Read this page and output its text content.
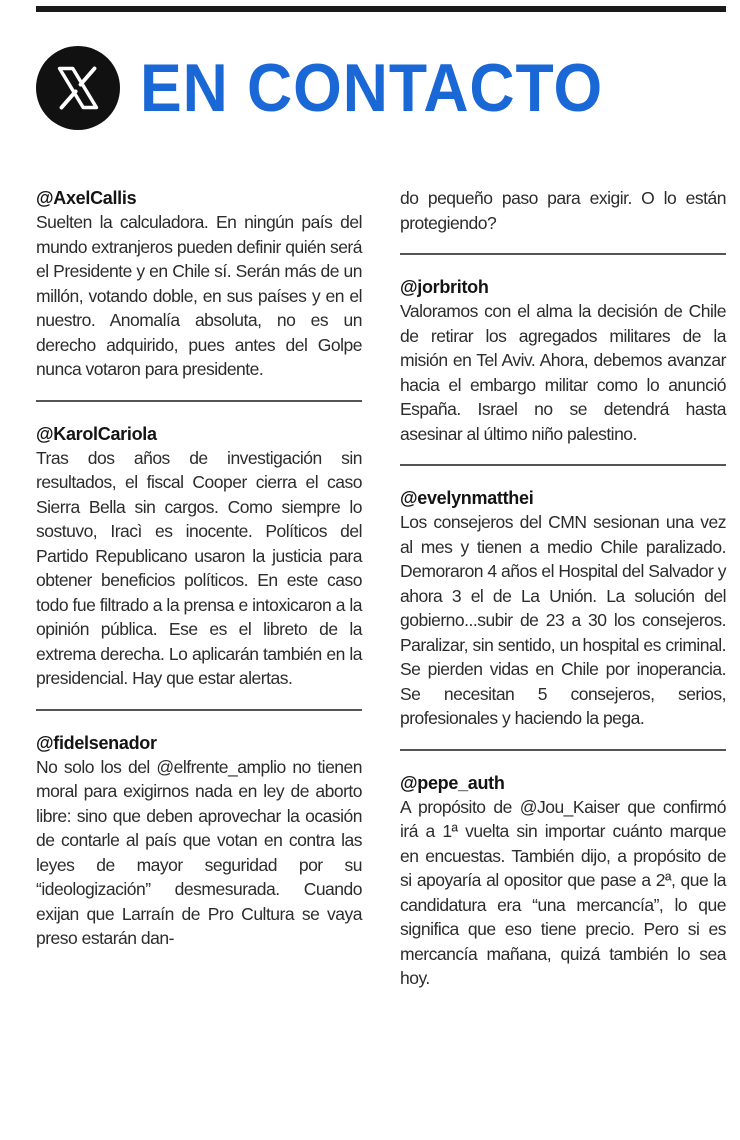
EN CONTACTO
@AxelCallis
Suelten la calculadora. En ningún país del mundo extranjeros pueden definir quién será el Presidente y en Chile sí. Serán más de un millón, votando doble, en sus países y en el nuestro. Anomalía absoluta, no es un derecho adquirido, pues antes del Golpe nunca votaron para presidente.
@KarolCariola
Tras dos años de investigación sin resultados, el fiscal Cooper cierra el caso Sierra Bella sin cargos. Como siempre lo sostuvo, Iracì es inocente. Políticos del Partido Republicano usaron la justicia para obtener beneficios políticos. En este caso todo fue filtrado a la prensa e intoxicaron a la opinión pública. Ese es el libreto de la extrema derecha. Lo aplicarán también en la presidencial. Hay que estar alertas.
@fidelsenador
No solo los del @elfrente_amplio no tienen moral para exigirnos nada en ley de aborto libre: sino que deben aprovechar la ocasión de contarle al país que votan en contra las leyes de mayor seguridad por su “ideologización” desmesurada. Cuando exijan que Larraín de Pro Cultura se vaya preso estarán dan-
do pequeño paso para exigir. O lo están protegiendo?
@jorbritoh
Valoramos con el alma la decisión de Chile de retirar los agregados militares de la misión en Tel Aviv. Ahora, debemos avanzar hacia el embargo militar como lo anunció España. Israel no se detendrá hasta asesinar al último niño palestino.
@evelynmatthei
Los consejeros del CMN sesionan una vez al mes y tienen a medio Chile paralizado. Demoraron 4 años el Hospital del Salvador y ahora 3 el de La Unión. La solución del gobierno...subir de 23 a 30 los consejeros. Paralizar, sin sentido, un hospital es criminal. Se pierden vidas en Chile por inoperancia. Se necesitan 5 consejeros, serios, profesionales y haciendo la pega.
@pepe_auth
A propósito de @Jou_Kaiser que confirmó irá a 1ª vuelta sin importar cuánto marque en encuestas. También dijo, a propósito de si apoyaría al opositor que pase a 2ª, que la candidatura era “una mercancía”, lo que significa que eso tiene precio. Pero si es mercancía mañana, quizá también lo sea hoy.
